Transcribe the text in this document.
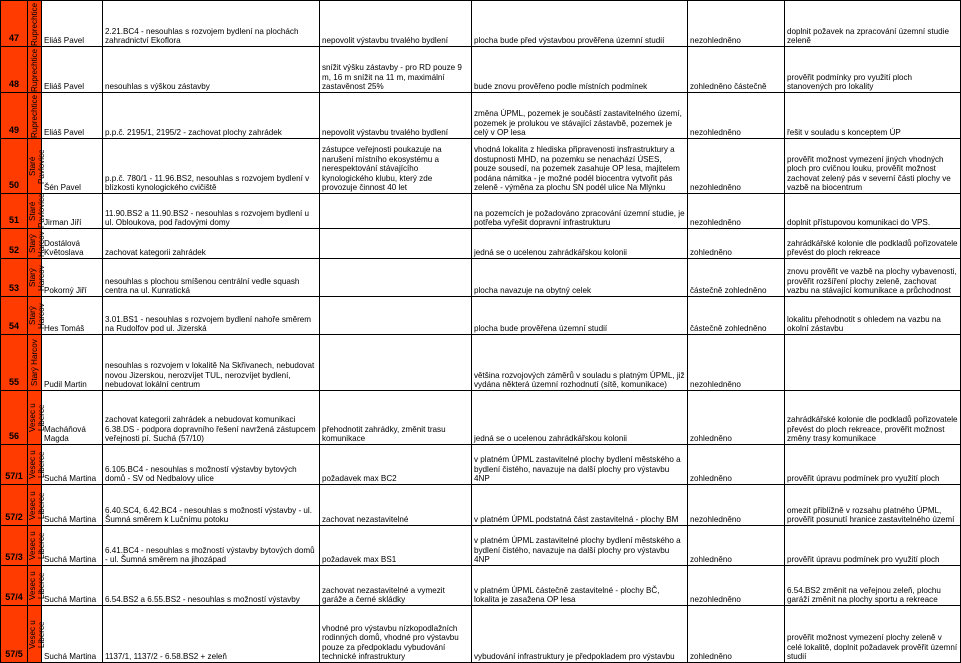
47	Ruprechtice	Eliáš Pavel	2.21.BC4 - nesouhlas s rozvojem bydlení na plochách zahradnictví Ekoflora	nepovolit výstavbu trvalého bydlení	plocha bude před výstavbou prověřena územní studií	nezohledněno	doplnit požavek na zpracování územní studie zeleně
48	Ruprechtice	Eliáš Pavel	nesouhlas s výškou zástavby	snížit výšku zástavby - pro RD pouze 9 m, 16 m snížit na 11 m, maximální zastavěnost 25%	bude znovu prověřeno podle místních podmínek	zohledněno částečně	prověřit podmínky pro využití ploch stanovených pro lokality
49	Ruprechtice	Eliáš Pavel	p.p.č. 2195/1, 2195/2 - zachovat plochy zahrádek	nepovolit výstavbu trvalého bydlení	změna ÚPML, pozemek je součástí zastavitelného území, pozemek je prolukou ve stávající zástavbě, pozemek je celý v OP lesa	nezohledněno	řešit v souladu s konceptem ÚP
50	Staré Pavlovice	Šén Pavel	p.p.č. 780/1 - 11.96.BS2, nesouhlas s rozvojem bydlení v blízkosti kynologického cvičiště	zástupce veřejnosti poukazuje na narušení místního ekosystému a nerespektování stávajícího kynologického klubu, který zde provozuje činnost 40 let	vhodná lokalita z hlediska připravenosti insfrastruktury a dostupnosti MHD, na pozemku se nenachází ÚSES, pouze sousedí, na pozemek zasahuje OP lesa, majitelem podána námitka - je možné podél biocentra vytvořit pás zeleně - výměna za plochu SN podél ulice Na Mlýnku	nezohledněno	prověřit možnost vymezení jiných vhodných ploch pro cvičnou louku, prověřit možnost zachovat zelený pás v severní části plochy ve vazbě na biocentrum
51	Staré Pavlovice	Jirman Jiří	11.90.BS2 a 11.90.BS2 - nesouhlas s rozvojem bydlení u ul. Obloukova, pod řadovými domy		na pozemcích je požadováno zpracování územní studie, je potřeba vyřešit dopravní infrastrukturu	nezohledněno	doplnit přístupovou komunikaci do VPS.
52	Starý Harcov	Dostálová Květoslava	zachovat kategorii zahrádek		jedná se o ucelenou zahrádkářskou kolonii	zohledněno	zahrádkářské kolonie dle podkladů pořizovatele převést do ploch rekreace
53	Starý Harcov	Pokorný Jiří	nesouhlas s plochou smíšenou centrální vedle squash centra na ul. Kunratická		plocha navazuje na obytný celek	částečně zohledněno	znovu prověřit ve vazbě na plochy vybavenosti, prověřit rozšíření plochy zeleně, zachovat vazbu na stávající komunikace a průchodnost
54	Starý Harcov	Hes Tomáš	3.01.BS1 - nesouhlas s rozvojem bydlení nahoře směrem na Rudolfov pod ul. Jizerská		plocha bude prověřena územní studií	částečně zohledněno	lokalitu přehodnotit s ohledem na vazbu na okolní zástavbu
55	Starý Harcov	Pudil Martin	nesouhlas s rozvojem v lokalitě Na Skřivanech, nebudovat novou Jizerskou, nerozvíjet TUL, nerozvíjet bydlení, nebudovat lokální centrum		většina rozvojových záměrů v souladu s platným ÚPML, již vydána některá územní rozhodnutí (sítě, komunikace)	nezohledněno	
56	Vesec u Liberce	Macháňová Magda	zachovat kategorii zahrádek a nebudovat komunikaci 6.38.DS - podpora dopravního řešení navržená zástupcem veřejnosti pí. Suchá (57/10)	přehodnotit zahrádky, změnit trasu komunikace	jedná se o ucelenou zahrádkářskou kolonii	zohledněno	zahrádkářské kolonie dle podkladů pořizovatele převést do ploch rekreace, prověřit možnost změny trasy komunikace
57/1	Vesec u Liberce	Suchá Martina	6.105.BC4 - nesouhlas s možností výstavby bytových domů - SV od Nedbalovy ulice	požadavek max BC2	v platném ÚPML zastavitelné plochy bydlení městského a bydlení čistého, navazuje na další plochy pro výstavbu 4NP	zohledněno	prověřit úpravu podmínek pro využití ploch
57/2	Vesec u Liberce	Suchá Martina	6.40.SC4, 6.42.BC4 - nesouhlas s možností výstavby - ul. Šumná směrem k Lučnímu potoku	zachovat nezastavitelné	v platném ÚPML podstatná část zastavitelná - plochy BM	nezohledněno	omezit přiblížně v rozsahu platného ÚPML, prověřit posunutí hranice zastavitelného území
57/3	Vesec u Liberce	Suchá Martina	6.41.BC4 - nesouhlas s možností výstavby bytových domů - ul. Šumná směrem na jihozápad	požadavek max BS1	v platném ÚPML zastavitelné plochy bydlení městského a bydlení čistého, navazuje na další plochy pro výstavbu 4NP	zohledněno	prověřit úpravu podmínek pro využití ploch
57/4	Vesec u Liberce	Suchá Martina	6.54.BS2 a 6.55.BS2 - nesouhlas s možností výstavby	zachovat nezastavitelné a vymezit garáže a černé skládky	v platném ÚPML částečně zastavitelné - plochy BČ, lokalita je zasažena OP lesa	nezohledněno	6.54.BS2 změnit na veřejnou zeleň, plochu garáží změnit na plochy sportu a rekreace
57/5	Vesec u Liberce	Suchá Martina	1137/1, 1137/2 - 6.58.BS2 + zeleň	vhodné pro výstavbu nízkopodlažních rodinných domů, vhodné pro výstavbu pouze za předpokladu vybudování technické infrastruktury	vybudování infrastruktury je předpokladem pro výstavbu	zohledněno	prověřit možnost vymezení plochy zeleně v celé lokalitě, doplnit požadavek prověřit územní studií
